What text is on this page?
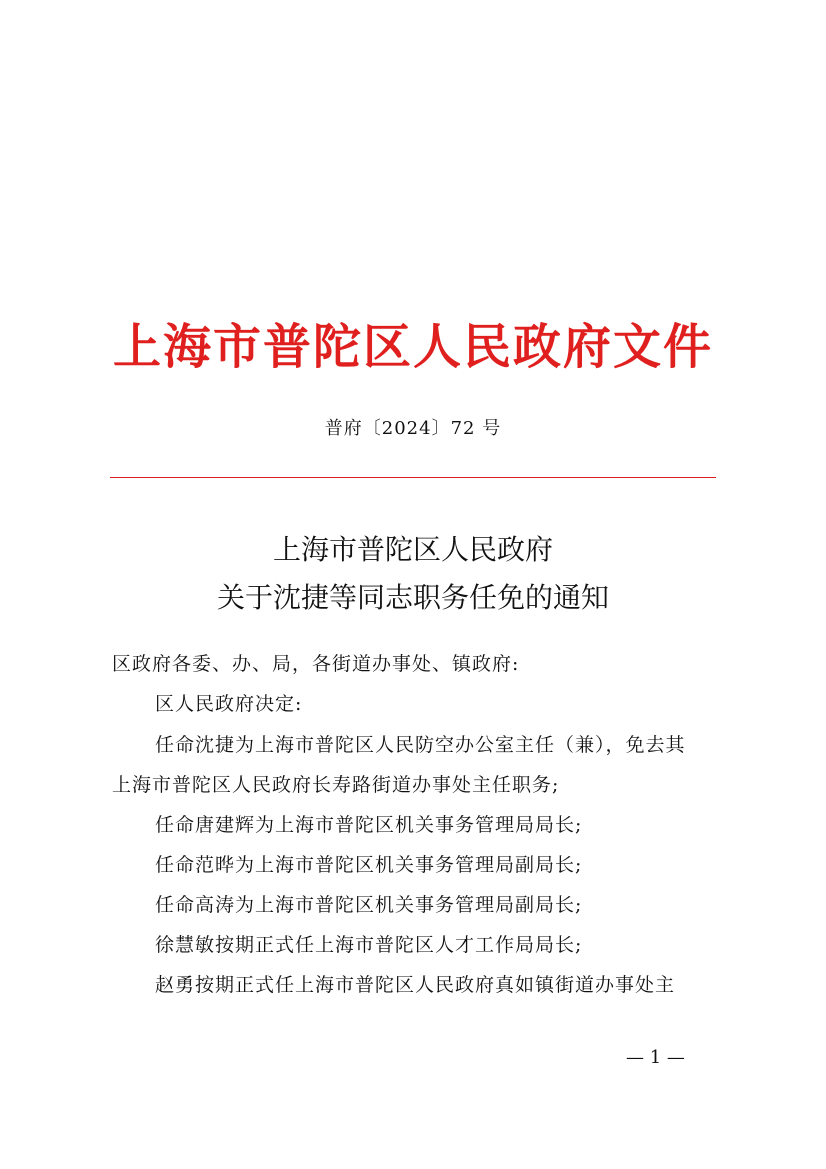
上海市普陀区人民政府文件
普府〔2024〕72 号
上海市普陀区人民政府
关于沈捷等同志职务任免的通知
区政府各委、办、局，各街道办事处、镇政府:
区人民政府决定:
任命沈捷为上海市普陀区人民防空办公室主任（兼），免去其
上海市普陀区人民政府长寿路街道办事处主任职务;
任命唐建辉为上海市普陀区机关事务管理局局长;
任命范晔为上海市普陀区机关事务管理局副局长;
任命高涛为上海市普陀区机关事务管理局副局长;
徐慧敏按期正式任上海市普陀区人才工作局局长;
赵勇按期正式任上海市普陀区人民政府真如镇街道办事处主
— 1 —
